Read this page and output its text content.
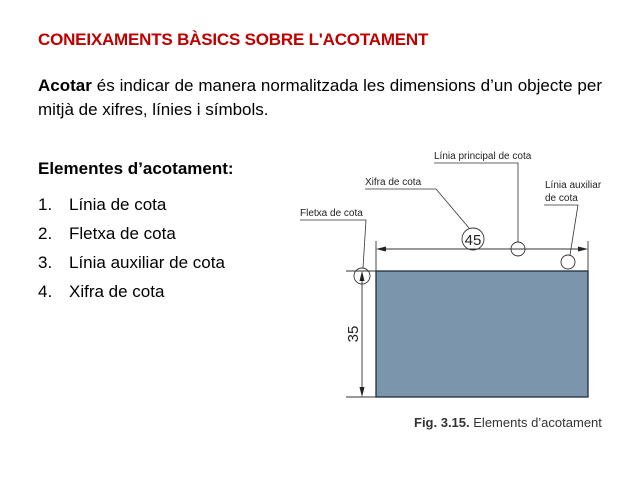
CONEIXAMENTS BÀSICS SOBRE L'ACOTAMENT
Acotar és indicar de manera normalitzada les dimensions d’un objecte per mitjà de xifres, línies i símbols.
Elementes d’acotament:
1. Línia de cota
2. Fletxa de cota
3. Línia auxiliar de cota
4. Xifra de cota
45
35
Línia principal de cota
Xifra de cota	Línia auxiliar
de cota
Fletxa de cota
Fig. 3.15. Elements d’acotament
